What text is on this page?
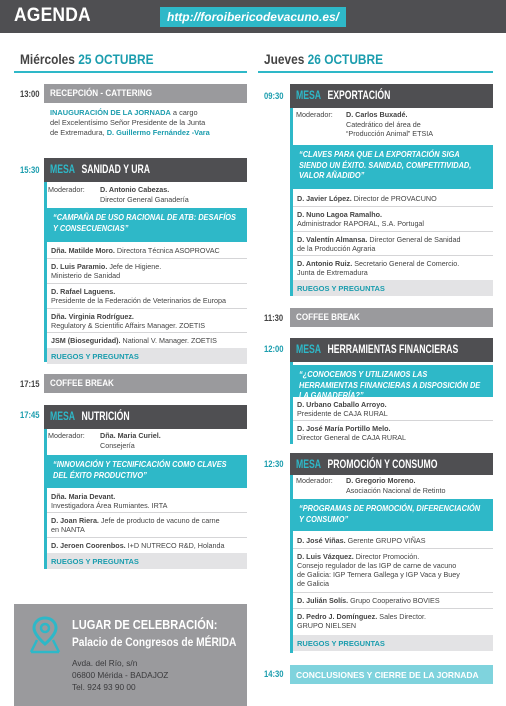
AGENDA	http://foroibericodevacuno.es/
Miércoles 25 OCTUBRE	Jueves 26 OCTUBRE
13:00	RECEPCIÓN - CATTERING
INAUGURACIÓN DE LA JORNADA a cargo
del Excelentísimo Señor Presidente de la Junta
de Extremadura, D. Guillermo Fernández -Vara
15:30 MESA SANIDAD Y URA
Moderador: D. Antonio Cabezas.
Director General Ganadería
“CAMPAÑA DE USO RACIONAL DE ATB: DESAFÍOS Y CONSECUENCIAS”
Dña. Matilde Moro. Directora Técnica ASOPROVAC
D. Luis Paramio. Jefe de Higiene.
Ministerio de Sanidad
D. Rafael Laguens.
Presidente de la Federación de Veterinarios de Europa
Dña. Virginia Rodríguez.
Regulatory & Scientific Affairs Manager. ZOETIS
JSM (Bioseguridad). National V. Manager. ZOETIS
RUEGOS Y PREGUNTAS
17:15	COFFEE BREAK
17:45 MESA NUTRICIÓN
Moderador: Dña. Maria Curiel.
Consejería
“INNOVACIÓN Y TECNIFICACIÓN COMO CLAVES DEL ÉXITO PRODUCTIVO”
Dña. Maria Devant.
Investigadora Área Rumiantes. IRTA
D. Joan Riera. Jefe de producto de vacuno de carne
en NANTA
D. Jeroen Coorenbos. I+D NUTRECO R&D, Holanda
RUEGOS Y PREGUNTAS
LUGAR DE CELEBRACIÓN:
Palacio de Congresos de MÉRIDA
Avda. del Río, s/n
06800 Mérida - BADAJOZ
Tel. 924 93 90 00
09:30	MESA EXPORTACIÓN
Moderador: D. Carlos Buxadé.
Catedrático del área de
“Producción Animal” ETSIA
“CLAVES PARA QUE LA EXPORTACIÓN SIGA SIENDO UN ÉXITO. SANIDAD, COMPETITIVIDAD, VALOR AÑADIDO”
D. Javier López. Director de PROVACUNO
D. Nuno Lagoa Ramalho.
Administrador RAPORAL, S.A. Portugal
D. Valentín Almansa. Director General de Sanidad
de la Producción Agraria
D. Antonio Ruiz. Secretario General de Comercio.
Junta de Extremadura
RUEGOS Y PREGUNTAS
11:30	COFFEE BREAK
12:00	MESA HERRAMIENTAS FINANCIERAS
“¿CONOCEMOS Y UTILIZAMOS LAS HERRAMIENTAS FINANCIERAS A DISPOSICIÓN DE LA GANADERÍA?”
D. Urbano Caballo Arroyo.
Presidente de CAJA RURAL
D. José María Portillo Melo.
Director General de CAJA RURAL
12:30	MESA PROMOCIÓN Y CONSUMO
Moderador: D. Gregorio Moreno.
Asociación Nacional de Retinto
“PROGRAMAS DE PROMOCIÓN, DIFERENCIACIÓN Y CONSUMO”
D. José Viñas. Gerente GRUPO VIÑAS
D. Luis Vázquez. Director Promoción.
Consejo regulador de las IGP de carne de vacuno
de Galicia: IGP Ternera Gallega y IGP Vaca y Buey
de Galicia
D. Julián Solís. Grupo Cooperativo BOVIES
D. Pedro J. Domínguez. Sales Director.
GRUPO NIELSEN
RUEGOS Y PREGUNTAS
14:30	CONCLUSIONES Y CIERRE DE LA JORNADA
